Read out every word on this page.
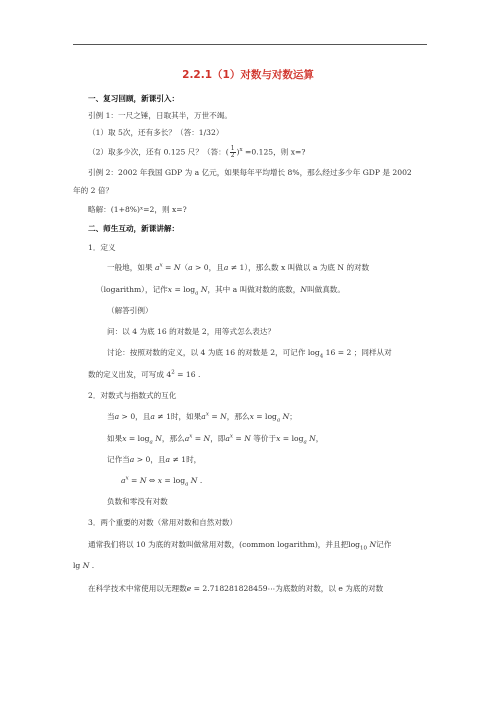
2.2.1（1）对数与对数运算
一、复习回顾，新课引入：
引例 1：一尺之锤，日取其半，万世不竭。
（1）取 5次，还有多长？（答：1/32）
（2）取多少次，还有 0.125 尺？（答：( $\frac{1}{2} )^x =0.125$，则 x=?
引例 2：2002 年我国 GDP 为 a 亿元，如果每年平均增长 8%，那么经过多少年 GDP 是 2002
年的 2 倍？
略解：(1+8%)ˣ=2，则 x=?
二、师生互动，新课讲解：
1．定义
一般地，如果 $a^x = N(a > 0$，且a ≠ 1），那么数 x 叫做以 a 为底 N 的对数
（logarithm），记作$x = \log_a N$，其中 a 叫做对数的底数，N叫做真数。
（解答引例）
问：以 4 为底 16 的对数是 2，用等式怎么表达？
讨论：按照对数的定义，以 4 为底 16 的对数是 2，可记作 $\log_4 16 = 2$ ；同样从对
数的定义出发，可写成 $4^2 = 16$ .
2．对数式与指数式的互化
当a > 0，且a ≠ 1时，如果$a^x = N$，那么$x = \log_a N$；
如果$x = \log_a N$，那么$a^x = N$，即$a^x = N$ 等价于$x = \log_a N$，
记作当a > 0，且a ≠ 1时，
$a^x = N$ ⇔ $x = \log_a N$ .
负数和零没有对数
3．两个重要的对数（常用对数和自然对数）
通常我们将以 10 为底的对数叫做常用对数，(common logarithm)，并且把$\log_{10} N$记作
lg N .
在科学技术中常使用以无理数e = 2.718281828459⋯为底数的对数，以 e 为底的对数
